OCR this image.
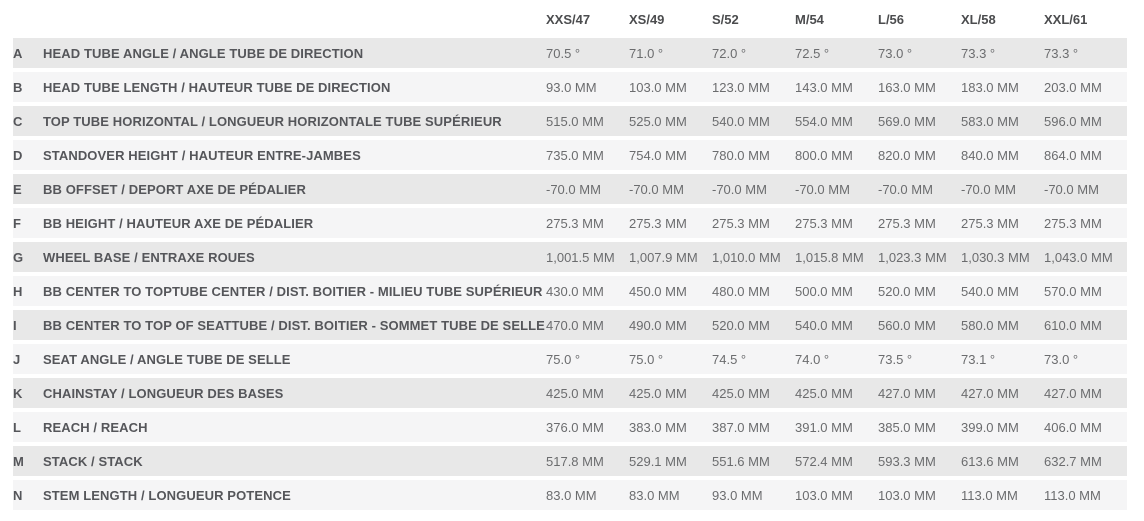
		XXS/47	XS/49	S/52	M/54	L/56	XL/58	XXL/61
A	HEAD TUBE ANGLE / ANGLE TUBE DE DIRECTION	70.5 °	71.0 °	72.0 °	72.5 °	73.0 °	73.3 °	73.3 °
B	HEAD TUBE LENGTH / HAUTEUR TUBE DE DIRECTION	93.0 MM	103.0 MM	123.0 MM	143.0 MM	163.0 MM	183.0 MM	203.0 MM
C	TOP TUBE HORIZONTAL / LONGUEUR HORIZONTALE TUBE SUPÉRIEUR	515.0 MM	525.0 MM	540.0 MM	554.0 MM	569.0 MM	583.0 MM	596.0 MM
D	STANDOVER HEIGHT / HAUTEUR ENTRE-JAMBES	735.0 MM	754.0 MM	780.0 MM	800.0 MM	820.0 MM	840.0 MM	864.0 MM
E	BB OFFSET / DEPORT AXE DE PÉDALIER	-70.0 MM	-70.0 MM	-70.0 MM	-70.0 MM	-70.0 MM	-70.0 MM	-70.0 MM
F	BB HEIGHT / HAUTEUR AXE DE PÉDALIER	275.3 MM	275.3 MM	275.3 MM	275.3 MM	275.3 MM	275.3 MM	275.3 MM
G	WHEEL BASE / ENTRAXE ROUES	1,001.5 MM	1,007.9 MM	1,010.0 MM	1,015.8 MM	1,023.3 MM	1,030.3 MM	1,043.0 MM
H	BB CENTER TO TOPTUBE CENTER / DIST. BOITIER - MILIEU TUBE SUPÉRIEUR	430.0 MM	450.0 MM	480.0 MM	500.0 MM	520.0 MM	540.0 MM	570.0 MM
I	BB CENTER TO TOP OF SEATTUBE / DIST. BOITIER - SOMMET TUBE DE SELLE	470.0 MM	490.0 MM	520.0 MM	540.0 MM	560.0 MM	580.0 MM	610.0 MM
J	SEAT ANGLE / ANGLE TUBE DE SELLE	75.0 °	75.0 °	74.5 °	74.0 °	73.5 °	73.1 °	73.0 °
K	CHAINSTAY / LONGUEUR DES BASES	425.0 MM	425.0 MM	425.0 MM	425.0 MM	427.0 MM	427.0 MM	427.0 MM
L	REACH / REACH	376.0 MM	383.0 MM	387.0 MM	391.0 MM	385.0 MM	399.0 MM	406.0 MM
M	STACK / STACK	517.8 MM	529.1 MM	551.6 MM	572.4 MM	593.3 MM	613.6 MM	632.7 MM
N	STEM LENGTH / LONGUEUR POTENCE	83.0 MM	83.0 MM	93.0 MM	103.0 MM	103.0 MM	113.0 MM	113.0 MM
